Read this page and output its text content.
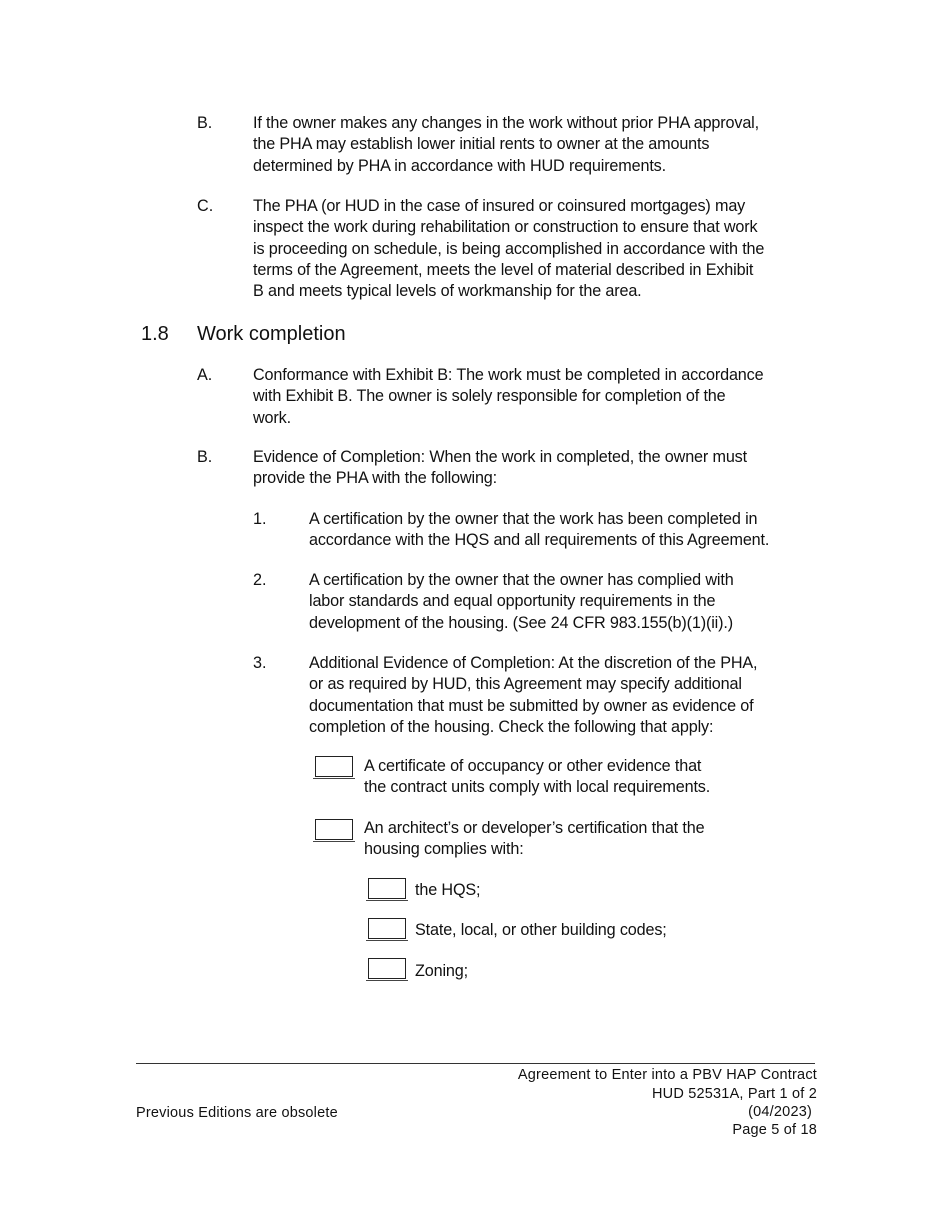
B.	If the owner makes any changes in the work without prior PHA approval,
the PHA may establish lower initial rents to owner at the amounts
determined by PHA in accordance with HUD requirements.
C. The PHA (or HUD in the case of insured or coinsured mortgages) may
inspect the work during rehabilitation or construction to ensure that work
is proceeding on schedule, is being accomplished in accordance with the
terms of the Agreement, meets the level of material described in Exhibit
B and meets typical levels of workmanship for the area.
1.8 Work completion
A.	Conformance with Exhibit B: The work must be completed in accordance
with Exhibit B. The owner is solely responsible for completion of the
work.
B.	Evidence of Completion: When the work in completed, the owner must
provide the PHA with the following:
1.	A certification by the owner that the work has been completed in
accordance with the HQS and all requirements of this Agreement.
2.	A certification by the owner that the owner has complied with
labor standards and equal opportunity requirements in the
development of the housing. (See 24 CFR 983.155(b)(1)(ii).)
3.	Additional Evidence of Completion: At the discretion of the PHA,
or as required by HUD, this Agreement may specify additional
documentation that must be submitted by owner as evidence of
completion of the housing. Check the following that apply:
A certificate of occupancy or other evidence that
the contract units comply with local requirements.
An architect’s or developer’s certification that the
housing complies with:
the HQS;
State, local, or other building codes;
Zoning;
Agreement to Enter into a PBV HAP Contract
HUD 52531A, Part 1 of 2
(04/2023)
Page 5 of 18
Previous Editions are obsolete
